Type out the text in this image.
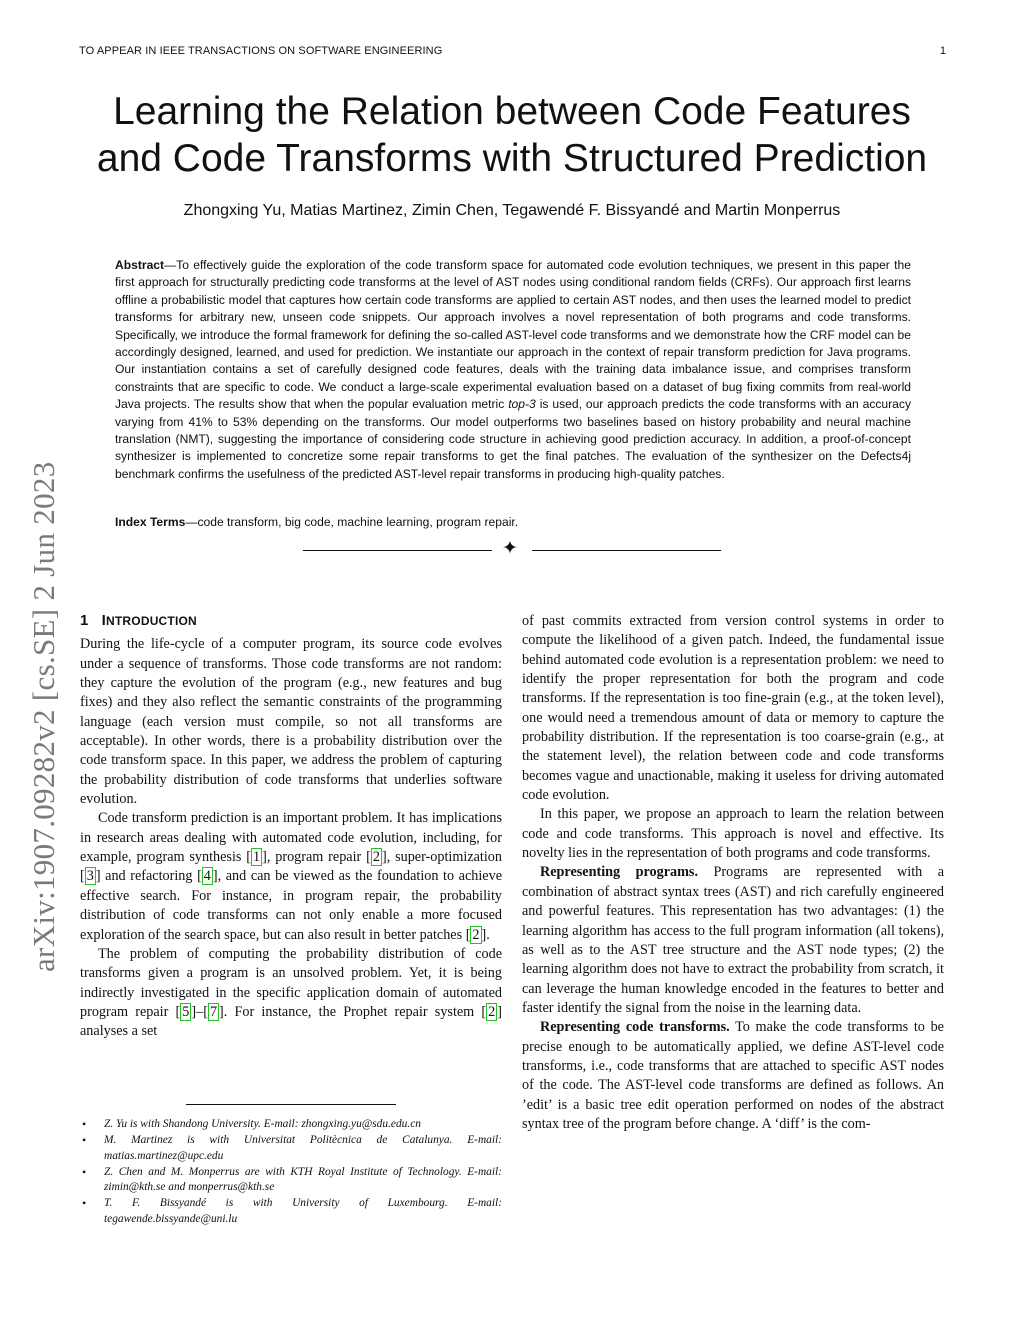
TO APPEAR IN IEEE TRANSACTIONS ON SOFTWARE ENGINEERING	1
Learning the Relation between Code Features
and Code Transforms with Structured Prediction
Zhongxing Yu, Matias Martinez, Zimin Chen, Tegawendé F. Bissyandé and Martin Monperrus
Abstract—To effectively guide the exploration of the code transform space for automated code evolution techniques, we present in this paper the first approach for structurally predicting code transforms at the level of AST nodes using conditional random fields (CRFs). Our approach first learns offline a probabilistic model that captures how certain code transforms are applied to certain AST nodes, and then uses the learned model to predict transforms for arbitrary new, unseen code snippets. Our approach involves a novel representation of both programs and code transforms. Specifically, we introduce the formal framework for defining the so-called AST-level code transforms and we demonstrate how the CRF model can be accordingly designed, learned, and used for prediction. We instantiate our approach in the context of repair transform prediction for Java programs. Our instantiation contains a set of carefully designed code features, deals with the training data imbalance issue, and comprises transform constraints that are specific to code. We conduct a large-scale experimental evaluation based on a dataset of bug fixing commits from real-world Java projects. The results show that when the popular evaluation metric top-3 is used, our approach predicts the code transforms with an accuracy varying from 41% to 53% depending on the transforms. Our model outperforms two baselines based on history probability and neural machine translation (NMT), suggesting the importance of considering code structure in achieving good prediction accuracy. In addition, a proof-of-concept synthesizer is implemented to concretize some repair transforms to get the final patches. The evaluation of the synthesizer on the Defects4j benchmark confirms the usefulness of the predicted AST-level repair transforms in producing high-quality patches.
Index Terms—code transform, big code, machine learning, program repair.
✦
arXiv:1907.09282v2 [cs.SE] 2 Jun 2023 1 INTRODUCTION

During the life-cycle of a computer program, its source code evolves under a sequence of transforms. Those code transforms are not random: they capture the evolution of the program (e.g., new features and bug fixes) and they also reflect the semantic constraints of the programming language (each version must compile, so not all transforms are acceptable). In other words, there is a probability distribution over the code transform space. In this paper, we address the problem of capturing the probability distribution of code transforms that underlies software evolution.

Code transform prediction is an important problem. It has implications in research areas dealing with automated code evolution, including, for example, program synthesis [ 1 ], program repair [ 2 ], super-optimization [ 3 ] and refactoring [ 4 ], and can be viewed as the foundation to achieve effective search. For instance, in program repair, the probability distribution of code transforms can not only enable a more focused exploration of the search space, but can also result in better patches [ 2 ].

The problem of computing the probability distribution of code transforms given a program is an unsolved problem. Yet, it is being indirectly investigated in the specific application domain of automated program repair [ 5 ]–[ 7 ]. For instance, the Prophet repair system [ 2 ] analyses a set

• Z. Yu is with Shandong University. E-mail: zhongxing.yu@sdu.edu.cn
• M. Martinez is with Universitat Politècnica de Catalunya. E-mail: matias.martinez@upc.edu
• Z. Chen and M. Monperrus are with KTH Royal Institute of Technology. E-mail: zimin@kth.se and monperrus@kth.se
• T. F. Bissyandé is with University of Luxembourg. E-mail: tegawende.bissyande@uni.lu

of past commits extracted from version control systems in order to compute the likelihood of a given patch. Indeed, the fundamental issue behind automated code evolution is a representation problem: we need to identify the proper representation for both the program and code transforms. If the representation is too fine-grain (e.g., at the token level), one would need a tremendous amount of data or memory to capture the probability distribution. If the representation is too coarse-grain (e.g., at the statement level), the relation between code and code transforms becomes vague and unactionable, making it useless for driving automated code evolution.

In this paper, we propose an approach to learn the relation between code and code transforms. This approach is novel and effective. Its novelty lies in the representation of both programs and code transforms.

Representing programs. Programs are represented with a combination of abstract syntax trees (AST) and rich carefully engineered and powerful features. This representation has two advantages: (1) the learning algorithm has access to the full program information (all tokens), as well as to the AST tree structure and the AST node types; (2) the learning algorithm does not have to extract the probability from scratch, it can leverage the human knowledge encoded in the features to better and faster identify the signal from the noise in the learning data.

Representing code transforms. To make the code transforms to be precise enough to be automatically applied, we define AST-level code transforms, i.e., code transforms that are attached to specific AST nodes of the code. The AST-level code transforms are defined as follows. An ’edit’ is a basic tree edit operation performed on nodes of the abstract syntax tree of the program before change. A ‘diff’ is the com-
